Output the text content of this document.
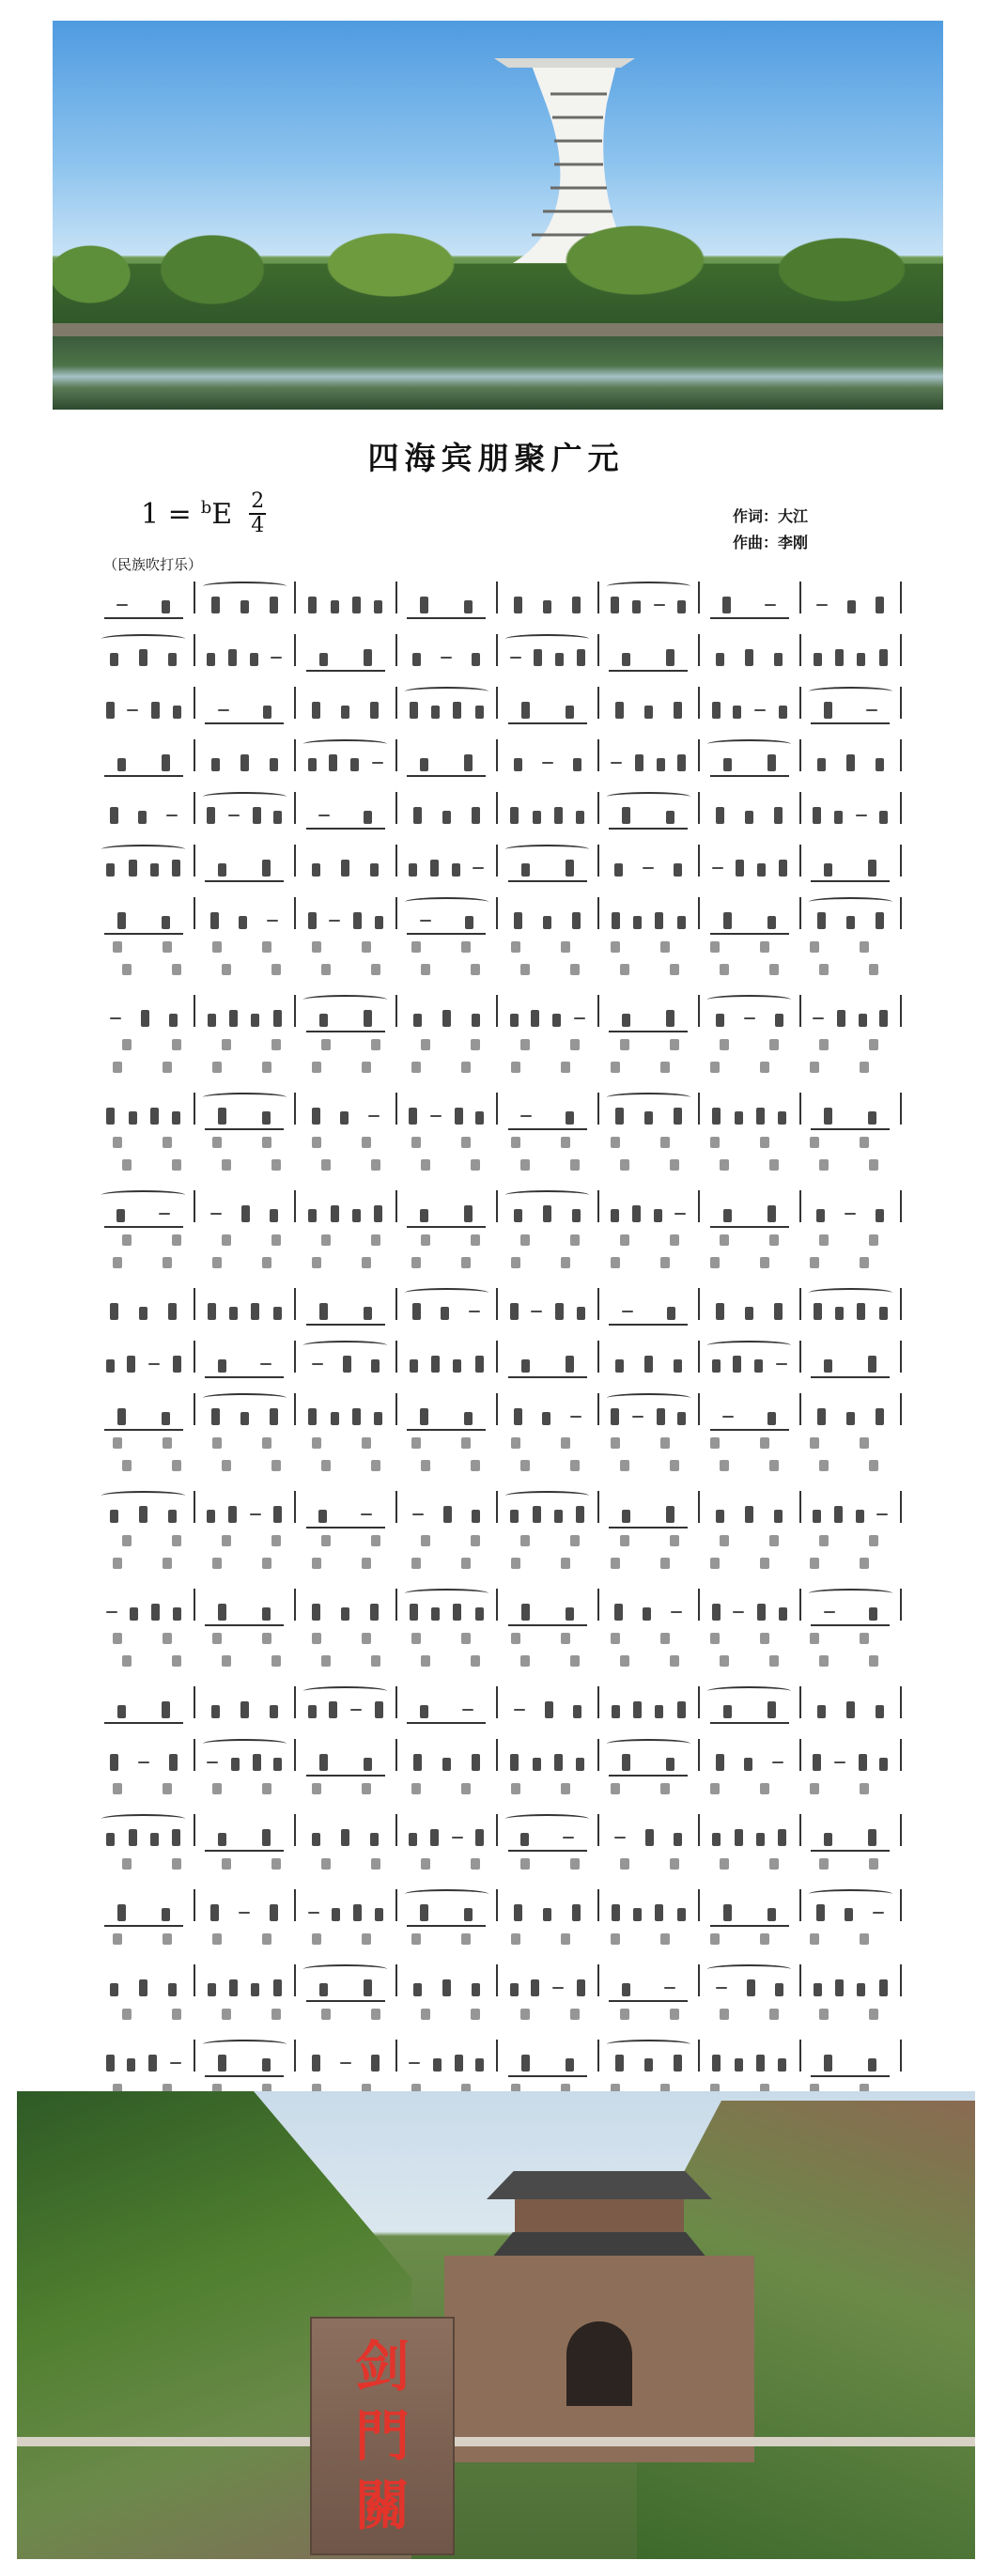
四海宾朋聚广元
1 = $^b$E 2
4	作词：大江
作曲：李刚
（民族吹打乐）
剑
門
關
